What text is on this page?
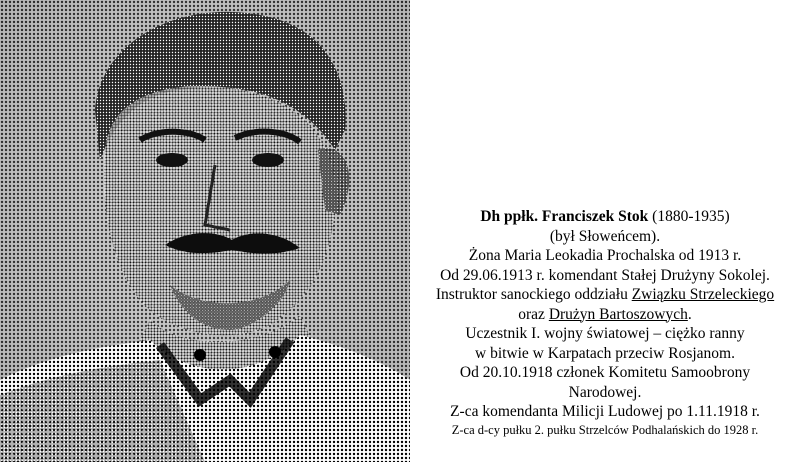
Dh ppłk. Franciszek Stok (1880-1935)
(był Słoweńcem).
Żona Maria Leokadia Prochalska od 1913 r.
Od 29.06.1913 r. komendant Stałej Drużyny Sokolej.
Instruktor sanockiego oddziału Związku Strzeleckiego
oraz Drużyn Bartoszowych.
Uczestnik I. wojny światowej – ciężko ranny
w bitwie w Karpatach przeciw Rosjanom.
Od 20.10.1918 członek Komitetu Samoobrony
Narodowej.
Z-ca komendanta Milicji Ludowej po 1.11.1918 r.
Z-ca d-cy pułku 2. pułku Strzelców Podhalańskich do 1928 r.
